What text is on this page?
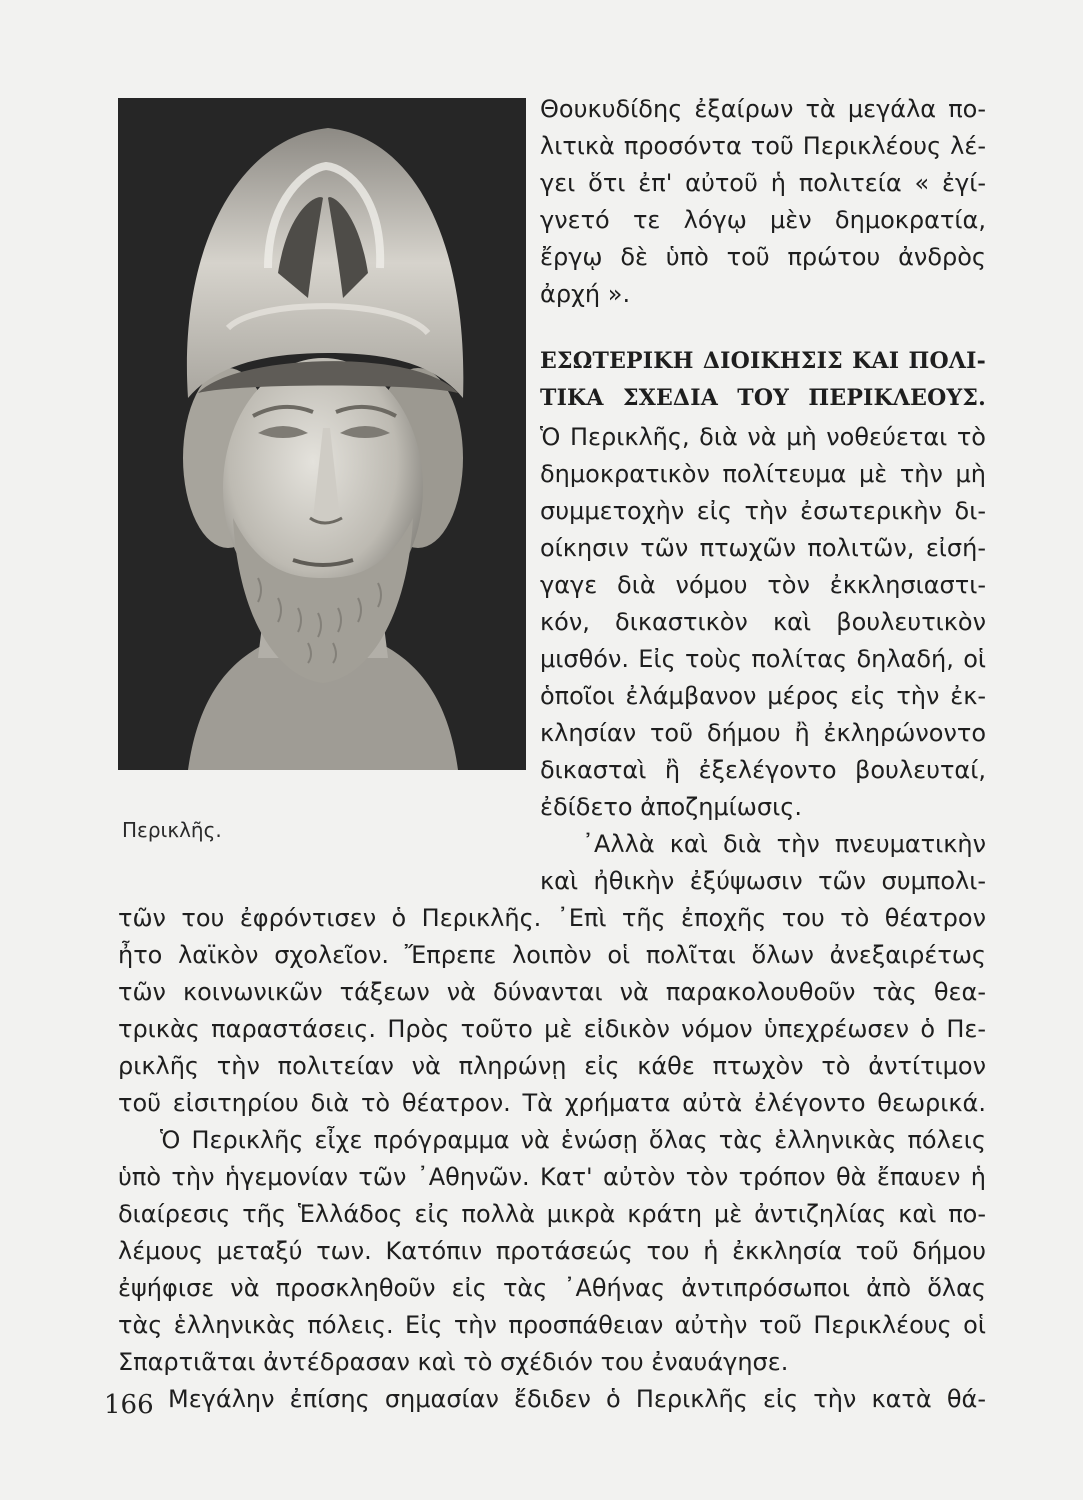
Περικλῆς.
Θουκυδίδης ἐξαίρων τὰ μεγάλα πο-
λιτικὰ προσόντα τοῦ Περικλέους λέ-
γει ὅτι ἐπ' αὐτοῦ ἡ πολιτεία « ἐγί-
γνετό τε λόγῳ μὲν δημοκρατία,
ἔργῳ δὲ ὑπὸ τοῦ πρώτου ἀνδρὸς
ἀρχή ».
ΕΣΩΤΕΡΙΚΗ ΔΙΟΙΚΗΣΙΣ ΚΑΙ ΠΟΛΙ-
ΤΙΚΑ ΣΧΕΔΙΑ ΤΟΥ ΠΕΡΙΚΛΕΟΥΣ.
Ὁ Περικλῆς, διὰ νὰ μὴ νοθεύεται τὸ
δημοκρατικὸν πολίτευμα μὲ τὴν μὴ
συμμετοχὴν εἰς τὴν ἐσωτερικὴν δι-
οίκησιν τῶν πτωχῶν πολιτῶν, εἰσή-
γαγε διὰ νόμου τὸν ἐκκλησιαστι-
κόν, δικαστικὸν καὶ βουλευτικὸν
μισθόν. Εἰς τοὺς πολίτας δηλαδή, οἱ
ὁποῖοι ἐλάμβανον μέρος εἰς τὴν ἐκ-
κλησίαν τοῦ δήμου ἢ ἐκληρώνοντο
δικασταὶ ἢ ἐξελέγοντο βουλευταί,
ἐδίδετο ἀποζημίωσις.
᾿Αλλὰ καὶ διὰ τὴν πνευματικὴν
καὶ ἠθικὴν ἐξύψωσιν τῶν συμπολι-
τῶν του ἐφρόντισεν ὁ Περικλῆς. ᾿Επὶ τῆς ἐποχῆς του τὸ θέατρον
ἦτο λαϊκὸν σχολεῖον. Ἔπρεπε λοιπὸν οἱ πολῖται ὅλων ἀνεξαιρέτως
τῶν κοινωνικῶν τάξεων νὰ δύνανται νὰ παρακολουθοῦν τὰς θεα-
τρικὰς παραστάσεις. Πρὸς τοῦτο μὲ εἰδικὸν νόμον ὑπεχρέωσεν ὁ Πε-
ρικλῆς τὴν πολιτείαν νὰ πληρώνῃ εἰς κάθε πτωχὸν τὸ ἀντίτιμον
τοῦ εἰσιτηρίου διὰ τὸ θέατρον. Τὰ χρήματα αὐτὰ ἐλέγοντο θεωρικά.
Ὁ Περικλῆς εἶχε πρόγραμμα νὰ ἑνώσῃ ὅλας τὰς ἑλληνικὰς πόλεις
ὑπὸ τὴν ἡγεμονίαν τῶν ᾿Αθηνῶν. Κατ' αὐτὸν τὸν τρόπον θὰ ἔπαυεν ἡ
διαίρεσις τῆς Ἑλλάδος εἰς πολλὰ μικρὰ κράτη μὲ ἀντιζηλίας καὶ πο-
λέμους μεταξύ των. Κατόπιν προτάσεώς του ἡ ἐκκλησία τοῦ δήμου
ἐψήφισε νὰ προσκληθοῦν εἰς τὰς ᾿Αθήνας ἀντιπρόσωποι ἀπὸ ὅλας
τὰς ἑλληνικὰς πόλεις. Εἰς τὴν προσπάθειαν αὐτὴν τοῦ Περικλέους οἱ
Σπαρτιᾶται ἀντέδρασαν καὶ τὸ σχέδιόν του ἐναυάγησε.
Μεγάλην ἐπίσης σημασίαν ἔδιδεν ὁ Περικλῆς εἰς τὴν κατὰ θά-
166
